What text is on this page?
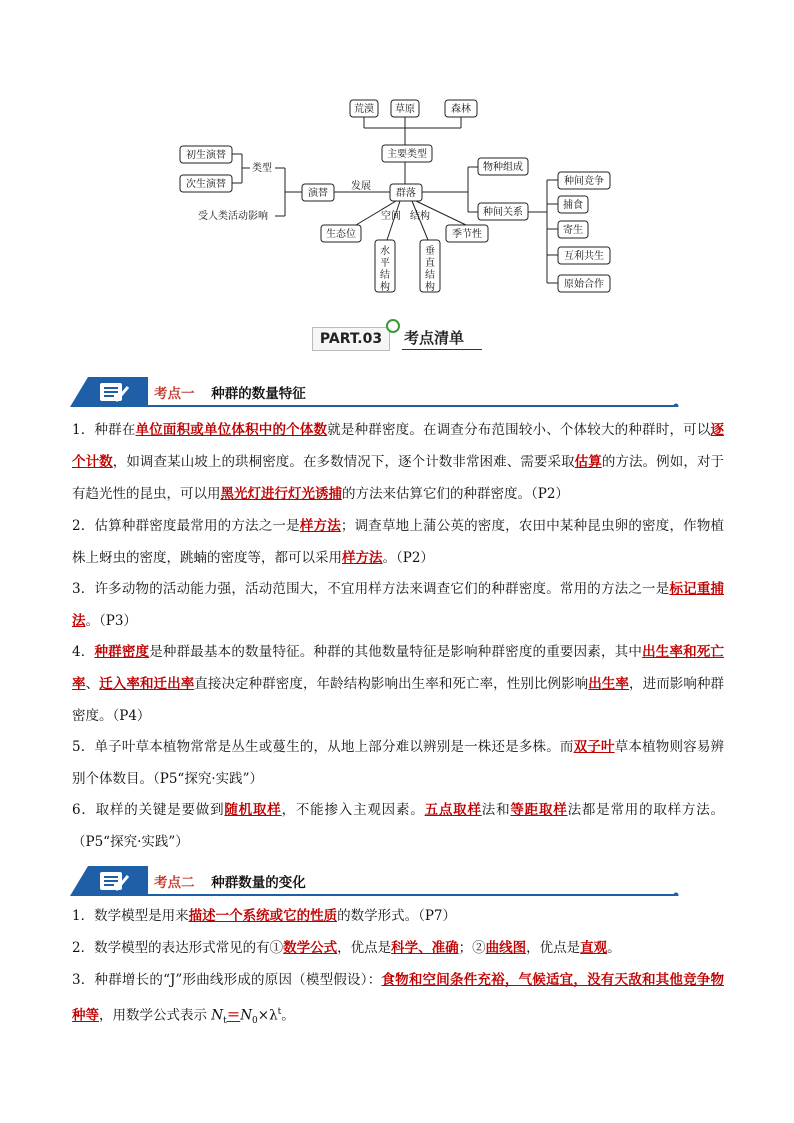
荒漠 草原	森林
主要类型
群落
物种组成
种间关系
种间竞争
捕食
寄生
互利共生
原始合作
演替
发展
类型
初生演替
次生演替
受人类活动影响
生态位
空间 结构
季节性
水平结构
垂直结构
PART.03	考点清单
考点一 种群的数量特征

1．种群在单位面积或单位体积中的个体数就是种群密度。在调查分布范围较小、个体较大的种群时，可以逐个计数，如调查某山坡上的珙桐密度。在多数情况下，逐个计数非常困难、需要采取估算的方法。例如，对于有趋光性的昆虫，可以用黑光灯进行灯光诱捕的方法来估算它们的种群密度。（P2）

2．估算种群密度最常用的方法之一是样方法；调查草地上蒲公英的密度，农田中某种昆虫卵的密度，作物植株上蚜虫的密度，跳蝻的密度等，都可以采用样方法。（P2）

3．许多动物的活动能力强，活动范围大，不宜用样方法来调查它们的种群密度。常用的方法之一是标记重捕法。（P3）

4．种群密度是种群最基本的数量特征。种群的其他数量特征是影响种群密度的重要因素，其中出生率和死亡率、迁入率和迁出率直接决定种群密度，年龄结构影响出生率和死亡率，性别比例影响出生率，进而影响种群密度。（P4）

5．单子叶草本植物常常是丛生或蔓生的，从地上部分难以辨别是一株还是多株。而双子叶草本植物则容易辨别个体数目。（P5“探究·实践”）

6．取样的关键是要做到随机取样，不能掺入主观因素。五点取样法和等距取样法都是常用的取样方法。（P5“探究·实践”）

考点二 种群数量的变化

1．数学模型是用来描述一个系统或它的性质的数学形式。（P7）

2．数学模型的表达形式常见的有①数学公式，优点是科学、准确；②曲线图，优点是直观。

3．种群增长的“J”形曲线形成的原因（模型假设）：食物和空间条件充裕，气候适宜，没有天敌和其他竞争物种等，用数学公式表示 $N_t=N_0\times\lambda^t$。
